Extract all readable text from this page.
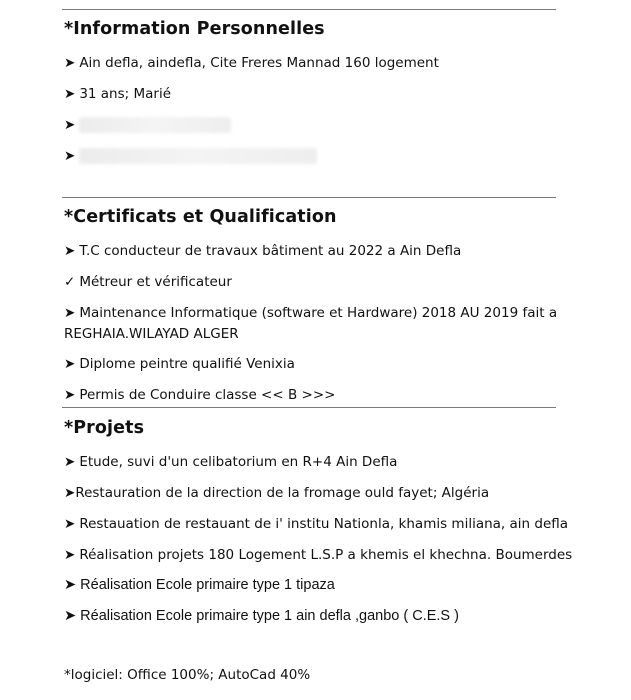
*Information Personnelles
➤ Ain defla, aindefla, Cite Freres Mannad 160 logement
➤ 31 ans; Marié
➤
➤
*Certificats et Qualification
➤ T.C conducteur de travaux bâtiment au 2022 a Ain Defla
✓ Métreur et vérificateur
➤ Maintenance Informatique (software et Hardware) 2018 AU 2019 fait a
REGHAIA.WILAYAD ALGER
➤ Diplome peintre qualifié Venixia
➤ Permis de Conduire classe << B >>>
*Projets
➤ Etude, suvi d'un celibatorium en R+4 Ain Defla
➤Restauration de la direction de la fromage ould fayet; Algéria
➤ Restauation de restauant de i' institu Nationla, khamis miliana, ain defla
➤ Réalisation projets 180 Logement L.S.P a khemis el khechna. Boumerdes
➤ Réalisation Ecole primaire type 1 tipaza
➤ Réalisation Ecole primaire type 1 ain defla ,ganbo ( C.E.S )
*logiciel: Office 100%; AutoCad 40%
